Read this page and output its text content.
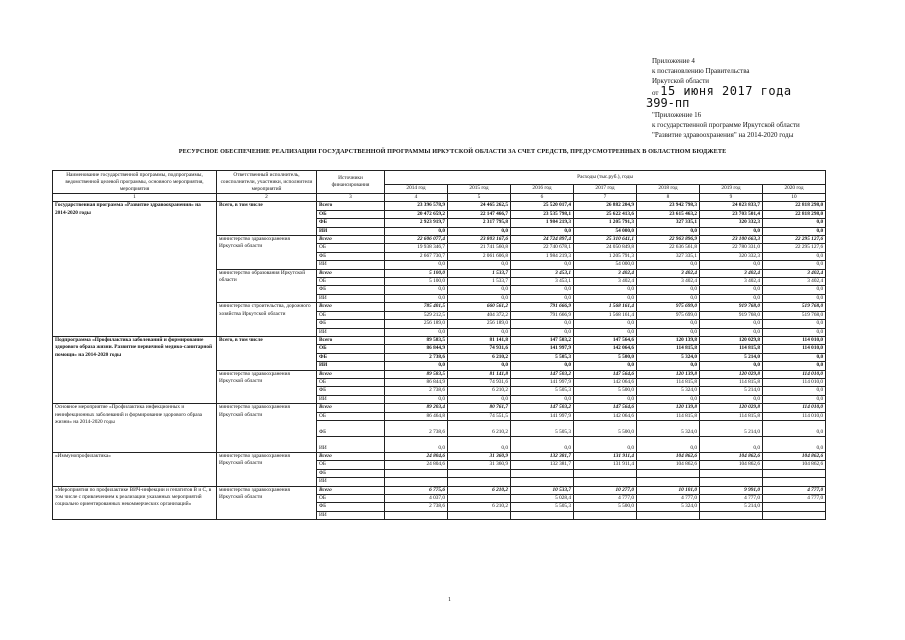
Приложение 4
к постановлению Правительства
Иркутской области
от 15 июня 2017 года
399-пп
"Приложение 16
к государственной программе Иркутской области
"Развитие здравоохранения" на 2014-2020 годы
РЕСУРСНОЕ ОБЕСПЕЧЕНИЕ РЕАЛИЗАЦИИ ГОСУДАРСТВЕННОЙ ПРОГРАММЫ ИРКУТСКОЙ ОБЛАСТИ ЗА СЧЕТ СРЕДСТВ, ПРЕДУСМОТРЕННЫХ В ОБЛАСТНОМ БЮДЖЕТЕ
Наименование государственной программы, подпрограммы, ведомственной целевой программы, основного мероприятия, мероприятия	Ответственный исполнитель, соисполнители, участники, исполнители мероприятий	Источники финансирования	Расходы (тыс.руб.), годы						
			2014 год	2015 год	2016 год	2017 год	2018 год	2019 год	2020 год
1	2	3	4	5	6	7	8	9	10
Государственная программа «Развитие здравоохранения» на 2014-2020 годы	Всего, в том числе	Всего	23 396 578,9	24 465 262,5	25 520 017,4	26 882 204,9	23 942 798,3	24 023 833,7	22 818 298,0
		ОБ	20 472 659,2	22 147 466,7	23 535 798,1	25 622 413,6	23 615 463,2	23 703 501,4	22 818 298,0
		ФБ	2 923 919,7	2 317 795,8	1 984 219,3	1 205 791,3	327 335,1	320 332,3	0,0
		ИИ	0,0	0,0	0,0	54 000,0	0,0	0,0	0,0
	министерство здравоохранения Иркутской области	Всего	22 606 077,4	23 803 167,6	24 724 897,4	25 310 641,1	22 963 896,9	23 100 663,3	22 295 127,6
		ОБ	19 938 346,7	21 741 560,8	22 740 678,1	24 050 849,8	22 636 561,8	22 780 331,0	22 295 127,6
		ФБ	2 667 730,7	2 061 606,8	1 984 219,3	1 205 791,3	327 335,1	320 332,3	0,0
		ИИ	0,0	0,0	0,0	54 000,0	0,0	0,0	0,0
	министерство образования Иркутской области	Всего	5 100,0	1 533,7	3 453,1	3 402,4	3 402,4	3 402,4	3 402,4
		ОБ	5 100,0	1 533,7	3 453,1	3 402,4	3 402,4	3 402,4	3 402,4
		ФБ	0,0	0,0	0,0	0,0	0,0	0,0	0,0
		ИИ	0,0	0,0	0,0	0,0	0,0	0,0	0,0
	министерство строительства, дорожного хозяйства Иркутской области	Всего	785 401,5	660 561,2	791 666,9	1 568 161,4	975 699,0	919 768,0	519 768,0
		ОБ	529 212,5	404 372,2	791 666,9	1 568 161,4	975 699,0	919 768,0	519 768,0
		ФБ	256 189,0	256 189,0	0,0	0,0	0,0	0,0	0,0
		ИИ	0,0	0,0	0,0	0,0	0,0	0,0	0,0
Подпрограмма «Профилактика заболеваний и формирование здорового образа жизни. Развитие первичной медико-санитарной помощи» на 2014-2020 годы	Всего, в том числе	Всего	89 583,5	81 141,8	147 503,2	147 564,6	120 139,8	120 029,8	114 010,0
		ОБ	86 844,9	74 931,6	141 997,9	142 064,6	114 815,8	114 815,8	114 010,0
		ФБ	2 738,6	6 210,2	5 505,3	5 500,0	5 324,0	5 214,0	0,0
		ИИ	0,0	0,0	0,0	0,0	0,0	0,0	0,0
	министерство здравоохранения Иркутской области	Всего	89 583,5	81 141,8	147 503,2	147 564,6	120 139,8	120 029,8	114 010,0
		ОБ	86 844,9	74 931,6	141 997,9	142 064,6	114 815,8	114 815,8	114 010,0
		ФБ	2 738,6	6 210,2	5 505,3	5 500,0	5 324,0	5 214,0	0,0
		ИИ	0,0	0,0	0,0	0,0	0,0	0,0	0,0
Основное мероприятие «Профилактика инфекционных и неинфекционных заболеваний и формирование здорового образа жизни» на 2014-2020 годы	министерство здравоохранения Иркутской области	Всего	89 203,4	80 761,7	147 503,2	147 564,6	120 139,8	120 029,8	114 010,0
		ОБ	86 464,8	74 551,5	141 997,9	142 064,6	114 815,8	114 815,8	114 010,0
		ФБ	2 738,6	6 210,2	5 505,3	5 500,0	5 324,0	5 214,0	0,0
		ИИ	0,0	0,0	0,0	0,0	0,0	0,0	0,0
«Иммунопрофилактика»	министерство здравоохранения Иркутской области	Всего	24 804,6	31 360,9	132 381,7	131 911,4	104 862,6	104 862,6	104 862,6
		ОБ	24 804,6	31 360,9	132 381,7	131 911,4	104 862,6	104 862,6	104 862,6
		ФБ							
		ИИ							
«Мероприятия по профилактике ВИЧ-инфекции и гепатитов В и С, в том числе с привлечением к реализации указанных мероприятий социально ориентированных некоммерческих организаций»	министерство здравоохранения Иркутской области	Всего	6 775,6	6 210,2	10 533,7	10 277,0	10 101,0	9 991,0	4 777,0
		ОБ	4 037,0		5 028,4	4 777,0	4 777,0	4 777,0	4 777,0
		ФБ	2 738,6	6 210,2	5 505,3	5 500,0	5 324,0	5 214,0	
		ИИ							
1
